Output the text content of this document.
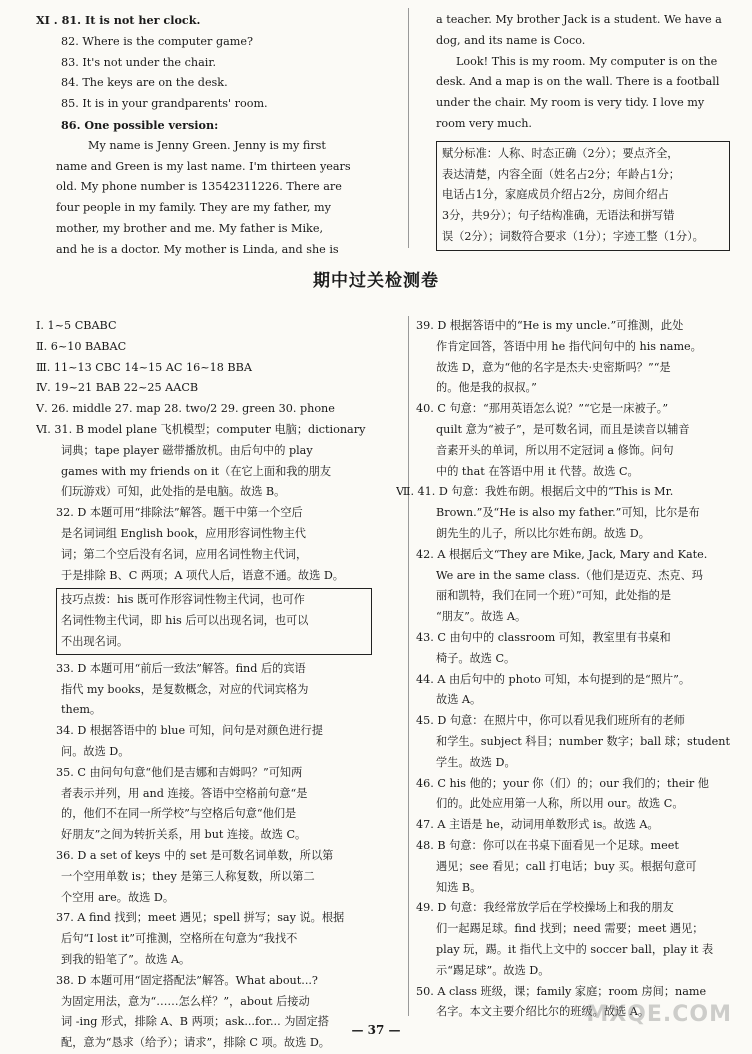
XI . 81. It is not her clock.
82. Where is the computer game?
83. It's not under the chair.
84. The keys are on the desk.
85. It is in your grandparents' room.
86. One possible version:
My name is Jenny Green. Jenny is my first
name and Green is my last name. I'm thirteen years
old. My phone number is 13542311226. There are
four people in my family. They are my father, my
mother, my brother and me. My father is Mike,
and he is a doctor. My mother is Linda, and she is
a teacher. My brother Jack is a student. We have a
dog, and its name is Coco.
Look! This is my room. My computer is on the
desk. And a map is on the wall. There is a football
under the chair. My room is very tidy. I love my
room very much.
赋分标准：人称、时态正确（2分）；要点齐全，
表达清楚，内容全面（姓名占2分；年龄占1分；
电话占1分，家庭成员介绍占2分，房间介绍占
3分，共9分）；句子结构准确，无语法和拼写错
误（2分）；词数符合要求（1分）；字迹工整（1分）。
期中过关检测卷
Ⅰ. 1~5 CBABC
Ⅱ. 6~10 BABAC
Ⅲ. 11~13 CBC 14~15 AC 16~18 BBA
Ⅳ. 19~21 BAB 22~25 AACB
Ⅴ. 26. middle 27. map 28. two/2 29. green 30. phone
Ⅵ. 31. B model plane 飞机模型；computer 电脑；dictionary
词典；tape player 磁带播放机。由后句中的 play
games with my friends on it（在它上面和我的朋友
们玩游戏）可知，此处指的是电脑。故选 B。
32. D 本题可用“排除法”解答。题干中第一个空后
是名词词组 English book，应用形容词性物主代
词；第二个空后没有名词，应用名词性物主代词，
于是排除 B、C 两项；A 项代人后，语意不通。故选 D。
技巧点拨：his 既可作形容词性物主代词，也可作
名词性物主代词，即 his 后可以出现名词，也可以
不出现名词。
33. D 本题可用“前后一致法”解答。find 后的宾语
指代 my books，是复数概念，对应的代词宾格为
them。
34. D 根据答语中的 blue 可知，问句是对颜色进行提
问。故选 D。
35. C 由问句句意“他们是吉娜和吉姆吗？”可知两
者表示并列，用 and 连接。答语中空格前句意“是
的，他们不在同一所学校”与空格后句意“他们是
好朋友”之间为转折关系，用 but 连接。故选 C。
36. D a set of keys 中的 set 是可数名词单数，所以第
一个空用单数 is；they 是第三人称复数，所以第二
个空用 are。故选 D。
37. A find 找到；meet 遇见；spell 拼写；say 说。根据
后句“I lost it”可推测，空格所在句意为“我找不
到我的铅笔了”。故选 A。
38. D 本题可用“固定搭配法”解答。What about...?
为固定用法，意为“……怎么样？”，about 后接动
词 -ing 形式，排除 A、B 两项；ask...for... 为固定搭
配，意为“恳求（给予）；请求”，排除 C 项。故选 D。
39. D 根据答语中的“He is my uncle.”可推测，此处
作肯定回答，答语中用 he 指代问句中的 his name。
故选 D，意为“他的名字是杰夫·史密斯吗？”“是
的。他是我的叔叔。”
40. C 句意：“那用英语怎么说？”“它是一床被子。”
quilt 意为“被子”，是可数名词，而且是读音以辅音
音素开头的单词，所以用不定冠词 a 修饰。问句
中的 that 在答语中用 it 代替。故选 C。
Ⅶ. 41. D 句意：我姓布朗。根据后文中的“This is Mr.
Brown.”及“He is also my father.”可知，比尔是布
朗先生的儿子，所以比尔姓布朗。故选 D。
42. A 根据后文“They are Mike, Jack, Mary and Kate.
We are in the same class.（他们是迈克、杰克、玛
丽和凯特，我们在同一个班）”可知，此处指的是
“朋友”。故选 A。
43. C 由句中的 classroom 可知，教室里有书桌和
椅子。故选 C。
44. A 由后句中的 photo 可知，本句提到的是“照片”。
故选 A。
45. D 句意：在照片中，你可以看见我们班所有的老师
和学生。subject 科目；number 数字；ball 球；student
学生。故选 D。
46. C his 他的；your 你（们）的；our 我们的；their 他
们的。此处应用第一人称，所以用 our。故选 C。
47. A 主语是 he，动词用单数形式 is。故选 A。
48. B 句意：你可以在书桌下面看见一个足球。meet
遇见；see 看见；call 打电话；buy 买。根据句意可
知选 B。
49. D 句意：我经常放学后在学校操场上和我的朋友
们一起踢足球。find 找到；need 需要；meet 遇见；
play 玩，踢。it 指代上文中的 soccer ball，play it 表
示“踢足球”。故选 D。
50. A class 班级，课；family 家庭；room 房间；name
名字。本文主要介绍比尔的班级。故选 A。
— 37 —
MXQE.COM
